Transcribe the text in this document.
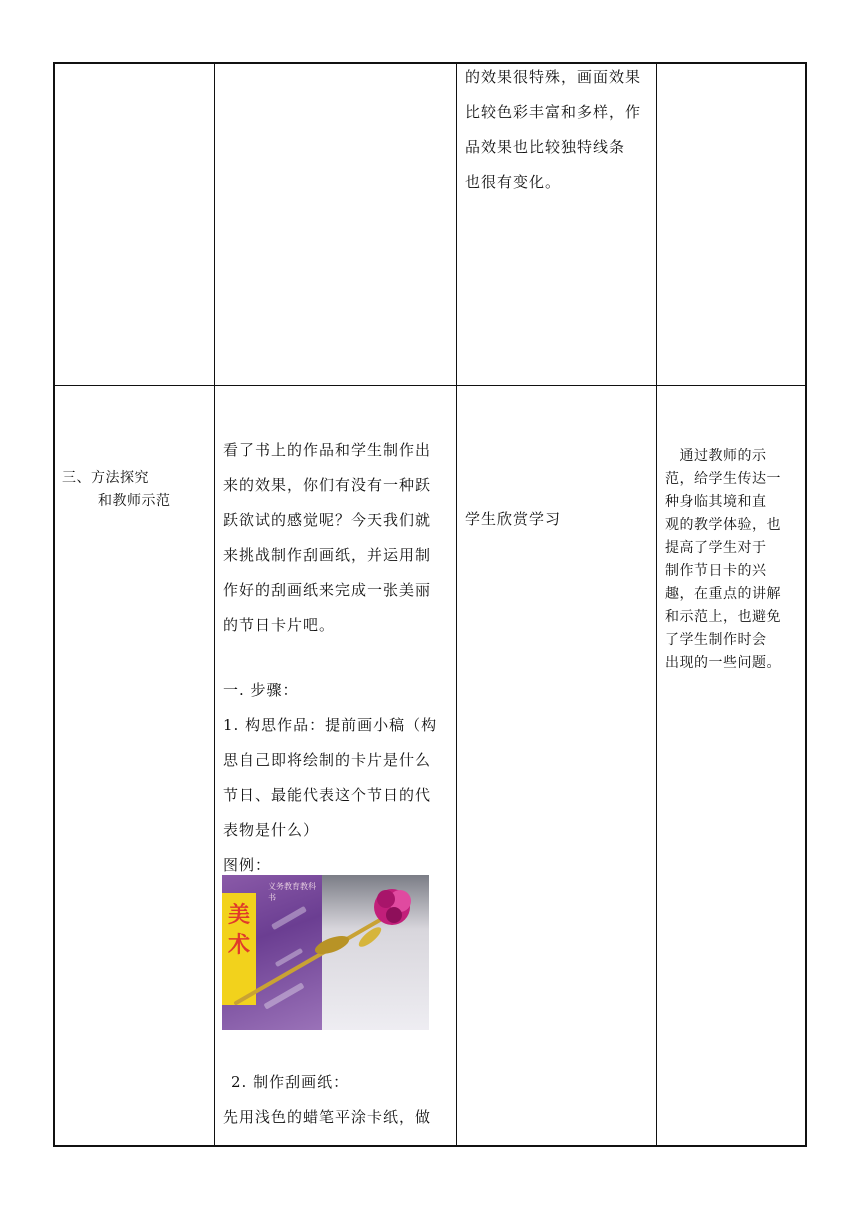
的效果很特殊，画面效果
比较色彩丰富和多样，作
品效果也比较独特线条
也很有变化。
三、方法探究
和教师示范
看了书上的作品和学生制作出
来的效果，你们有没有一种跃
跃欲试的感觉呢？今天我们就
来挑战制作刮画纸，并运用制
作好的刮画纸来完成一张美丽
的节日卡片吧。
一. 步骤：
1. 构思作品：提前画小稿（构
思自己即将绘制的卡片是什么
节日、最能代表这个节日的代
表物是什么）
图例：
美术
义务教育教科书
2. 制作刮画纸：
先用浅色的蜡笔平涂卡纸，做
学生欣赏学习
　通过教师的示
范，给学生传达一
种身临其境和直
观的教学体验，也
提高了学生对于
制作节日卡的兴
趣，在重点的讲解
和示范上，也避免
了学生制作时会
出现的一些问题。
